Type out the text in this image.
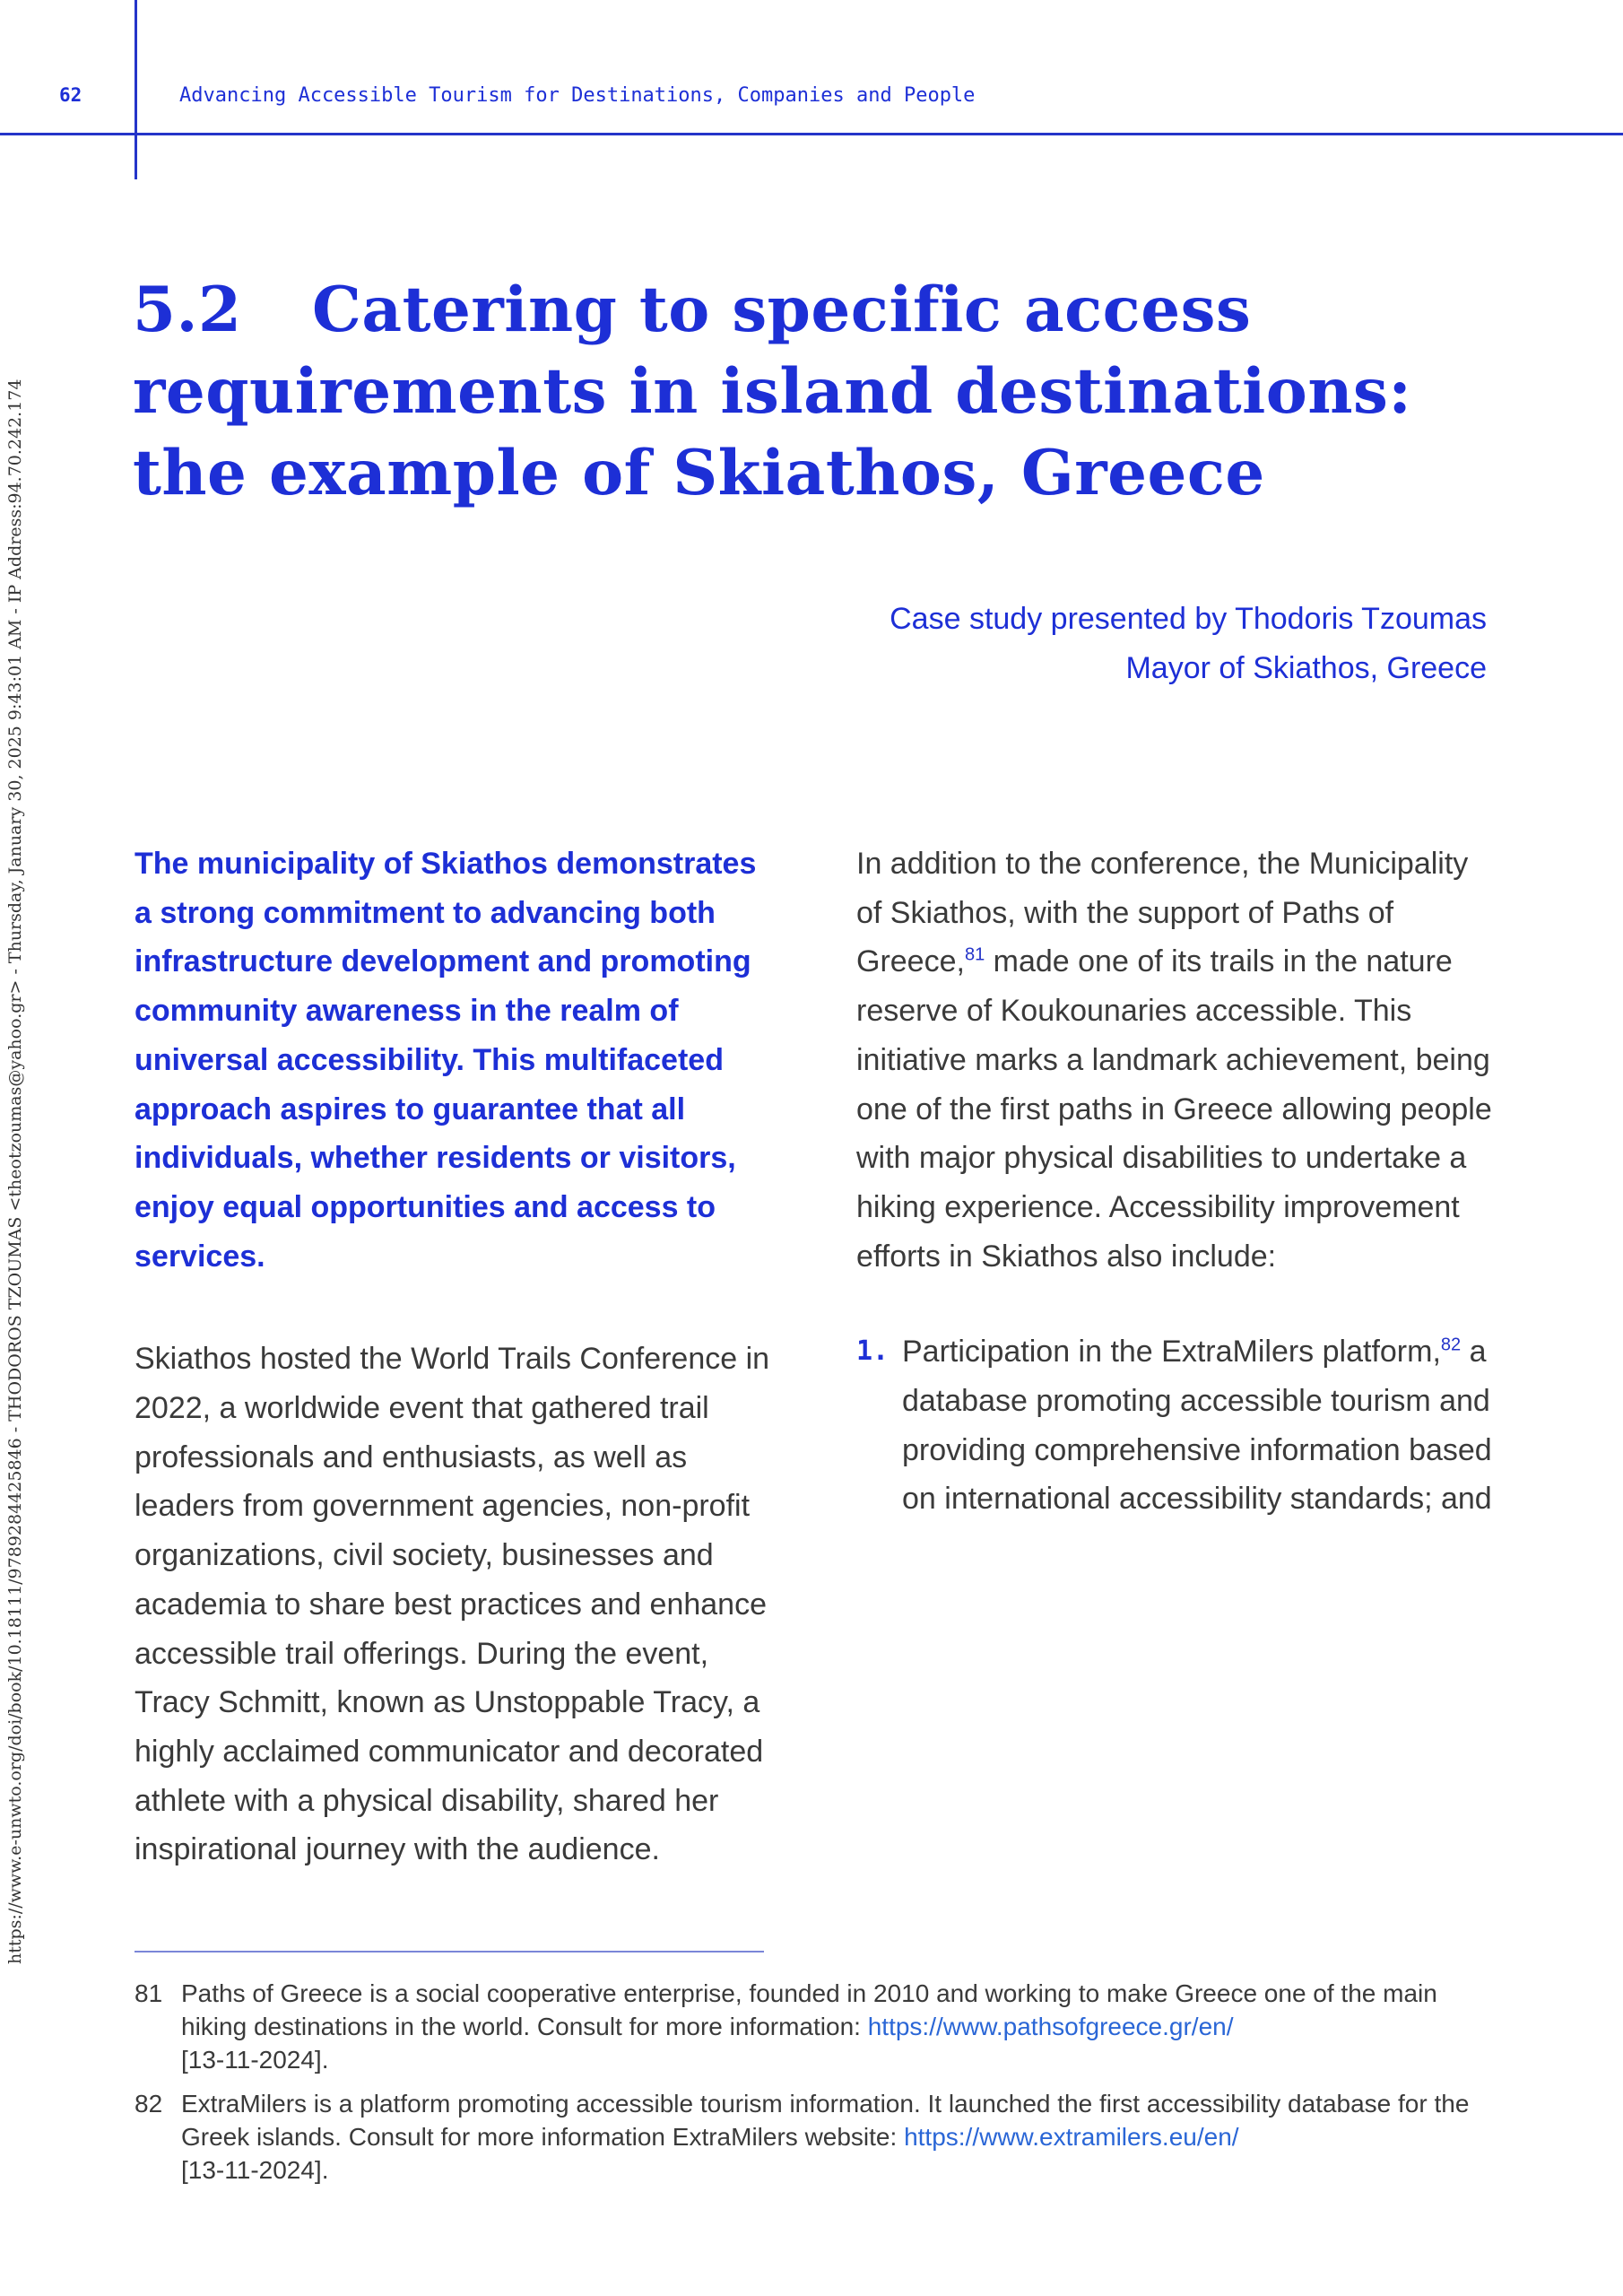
62	Advancing Accessible Tourism for Destinations, Companies and People
https://www.e-unwto.org/doi/book/10.18111/9789284425846 - THODOROS TZOUMAS <theotzoumas@yahoo.gr> - Thursday, January 30, 2025 9:43:01 AM - IP Address:94.70.242.174
5.2 Catering to specific access requirements in island destinations: the example of Skiathos, Greece
Case study presented by Thodoris Tzoumas
Mayor of Skiathos, Greece

The municipality of Skiathos demonstrates a strong commitment to advancing both infrastructure development and promoting community awareness in the realm of universal accessibility. This multifaceted approach aspires to guarantee that all individuals, whether residents or visitors, enjoy equal opportunities and access to services.

Skiathos hosted the World Trails Conference in 2022, a worldwide event that gathered trail professionals and enthusiasts, as well as leaders from government agencies, non-profit organizations, civil society, businesses and academia to share best practices and enhance accessible trail offerings. During the event, Tracy Schmitt, known as Unstoppable Tracy, a highly acclaimed communicator and decorated athlete with a physical disability, shared her inspirational journey with the audience.

In addition to the conference, the Municipality of Skiathos, with the support of Paths of Greece,$^{81}$ made one of its trails in the nature reserve of Koukounaries accessible. This initiative marks a landmark achievement, being one of the first paths in Greece allowing people with major physical disabilities to undertake a hiking experience. Accessibility improvement efforts in Skiathos also include:

1. Participation in the ExtraMilers platform,$^{82}$ a database promoting accessible tourism and providing comprehensive information based on international accessibility standards; and
81 Paths of Greece is a social cooperative enterprise, founded in 2010 and working to make Greece one of the main hiking destinations in the world. Consult for more information: https://www.pathsofgreece.gr/en/
[13-11-2024].
82 ExtraMilers is a platform promoting accessible tourism information. It launched the first accessibility database for the Greek islands. Consult for more information ExtraMilers website: https://www.extramilers.eu/en/
[13-11-2024].
